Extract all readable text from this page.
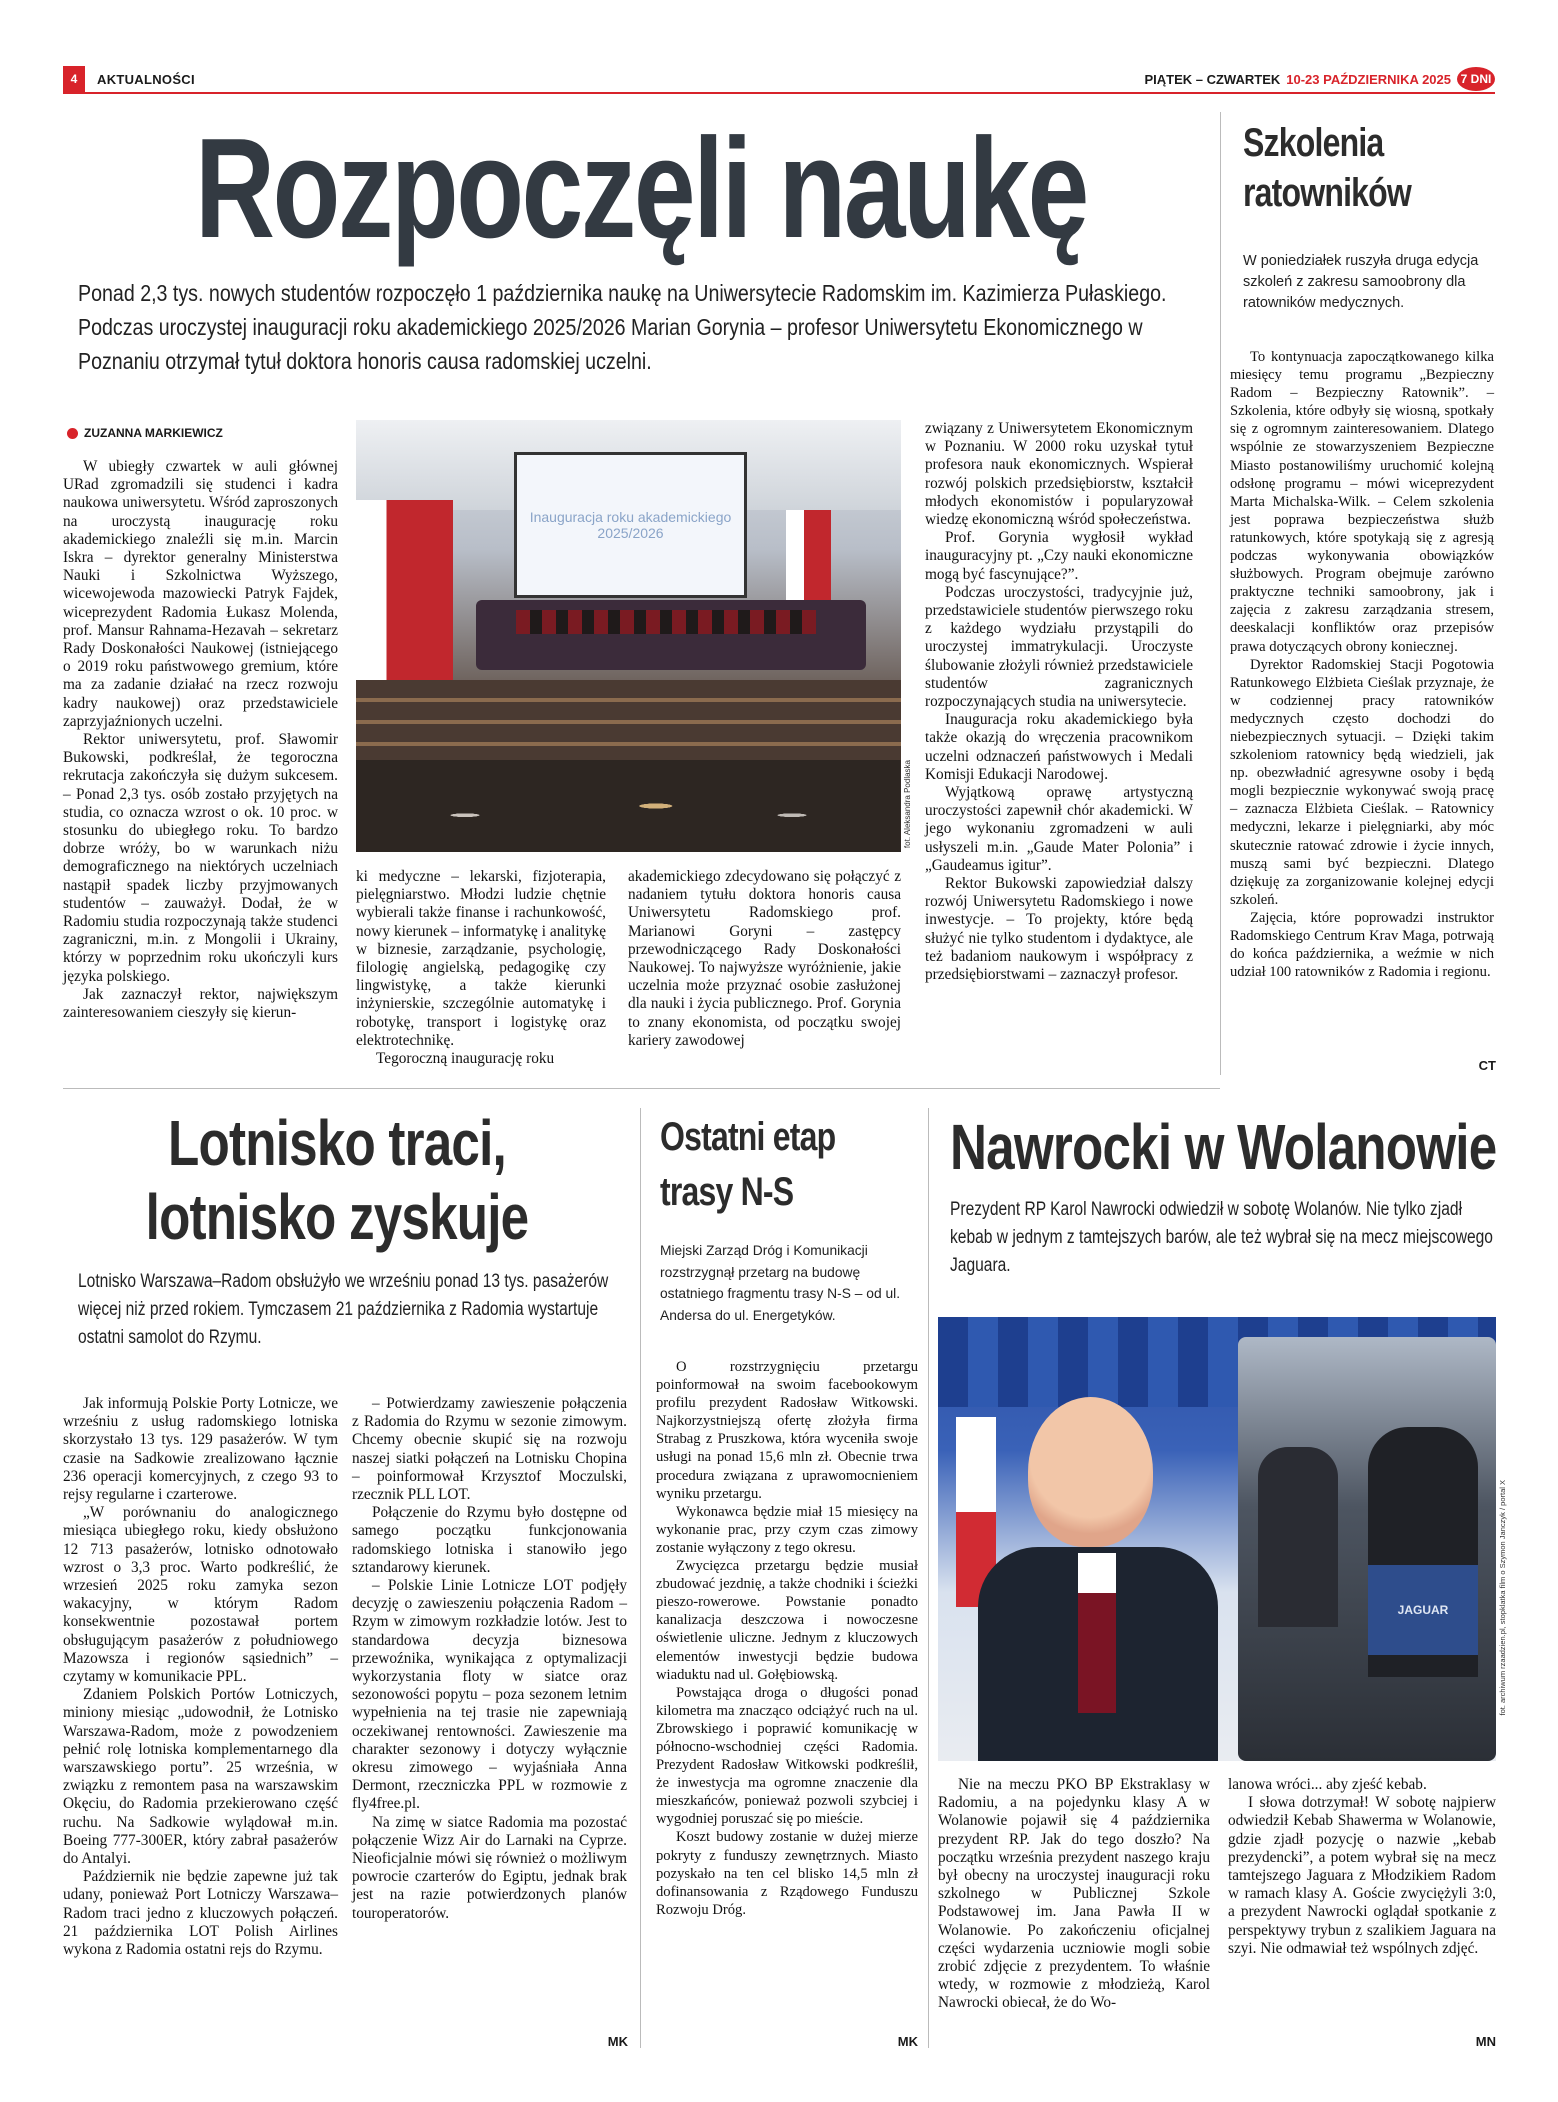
4	AKTUALNOŚCI	PIĄTEK – CZWARTEK 10-23 PAŹDZIERNIKA 2025 7 DNI
Rozpoczęli naukę
Ponad 2,3 tys. nowych studentów rozpoczęło 1 października naukę na Uniwersytecie Radomskim im. Kazimierza Pułaskiego. Podczas uroczystej inauguracji roku akademickiego 2025/2026 Marian Gorynia – profesor Uniwersytetu Ekonomicznego w Poznaniu otrzymał tytuł doktora honoris causa radomskiej uczelni.
ZUZANNA MARKIEWICZ

W ubiegły czwartek w auli głównej URad zgromadzili się studenci i kadra naukowa uniwersytetu. Wśród zaproszonych na uroczystą inaugurację roku akademickiego znaleźli się m.in. Marcin Iskra – dyrektor generalny Ministerstwa Nauki i Szkolnictwa Wyższego, wicewojewoda mazowiecki Patryk Fajdek, wiceprezydent Radomia Łukasz Molenda, prof. Mansur Rahnama-Hezavah – sekretarz Rady Doskonałości Naukowej (istniejącego o 2019 roku państwowego gremium, które ma za zadanie działać na rzecz rozwoju kadry naukowej) oraz przedstawiciele zaprzyjaźnionych uczelni.

Rektor uniwersytetu, prof. Sławomir Bukowski, podkreślał, że tegoroczna rekrutacja zakończyła się dużym sukcesem. – Ponad 2,3 tys. osób zostało przyjętych na studia, co oznacza wzrost o ok. 10 proc. w stosunku do ubiegłego roku. To bardzo dobrze wróży, bo w warunkach niżu demograficznego na niektórych uczelniach nastąpił spadek liczby przyjmowanych studentów – zauważył. Dodał, że w Radomiu studia rozpoczynają także studenci zagraniczni, m.in. z Mongolii i Ukrainy, którzy w poprzednim roku ukończyli kurs języka polskiego.

Jak zaznaczył rektor, największym zainteresowaniem cieszyły się kierun-

Inauguracja roku akademickiego 2025/2026
fot. Aleksandra Podlaska

ki medyczne – lekarski, fizjoterapia, pielęgniarstwo. Młodzi ludzie chętnie wybierali także finanse i rachunkowość, nowy kierunek – informatykę i analitykę w biznesie, zarządzanie, psychologię, filologię angielską, pedagogikę czy lingwistykę, a także kierunki inżynierskie, szczególnie automatykę i robotykę, transport i logistykę oraz elektrotechnikę.

Tegoroczną inaugurację roku

akademickiego zdecydowano się połączyć z nadaniem tytułu doktora honoris causa Uniwersytetu Radomskiego prof. Marianowi Goryni – zastępcy przewodniczącego Rady Doskonałości Naukowej. To najwyższe wyróżnienie, jakie uczelnia może przyznać osobie zasłużonej dla nauki i życia publicznego. Prof. Gorynia to znany ekonomista, od początku swojej kariery zawodowej

związany z Uniwersytetem Ekonomicznym w Poznaniu. W 2000 roku uzyskał tytuł profesora nauk ekonomicznych. Wspierał rozwój polskich przedsiębiorstw, kształcił młodych ekonomistów i popularyzował wiedzę ekonomiczną wśród społeczeństwa.

Prof. Gorynia wygłosił wykład inauguracyjny pt. „Czy nauki ekonomiczne mogą być fascynujące?”.

Podczas uroczystości, tradycyjnie już, przedstawiciele studentów pierwszego roku z każdego wydziału przystąpili do uroczystej immatrykulacji. Uroczyste ślubowanie złożyli również przedstawiciele studentów zagranicznych rozpoczynających studia na uniwersytecie.

Inauguracja roku akademickiego była także okazją do wręczenia pracownikom uczelni odznaczeń państwowych i Medali Komisji Edukacji Narodowej.

Wyjątkową oprawę artystyczną uroczystości zapewnił chór akademicki. W jego wykonaniu zgromadzeni w auli usłyszeli m.in. „Gaude Mater Polonia” i „Gaudeamus igitur”.

Rektor Bukowski zapowiedział dalszy rozwój Uniwersytetu Radomskiego i nowe inwestycje. – To projekty, które będą służyć nie tylko studentom i dydaktyce, ale też badaniom naukowym i współpracy z przedsiębiorstwami – zaznaczył profesor.

Szkolenia
ratowników
W poniedziałek ruszyła druga edycja szkoleń z zakresu samoobrony dla ratowników medycznych.

To kontynuacja zapoczątkowanego kilka miesięcy temu programu „Bezpieczny Radom – Bezpieczny Ratownik”. – Szkolenia, które odbyły się wiosną, spotkały się z ogromnym zainteresowaniem. Dlatego wspólnie ze stowarzyszeniem Bezpieczne Miasto postanowiliśmy uruchomić kolejną odsłonę programu – mówi wiceprezydent Marta Michalska-Wilk. – Celem szkolenia jest poprawa bezpieczeństwa służb ratunkowych, które spotykają się z agresją podczas wykonywania obowiązków służbowych. Program obejmuje zarówno praktyczne techniki samoobrony, jak i zajęcia z zakresu zarządzania stresem, deeskalacji konfliktów oraz przepisów prawa dotyczących obrony koniecznej.

Dyrektor Radomskiej Stacji Pogotowia Ratunkowego Elżbieta Cieślak przyznaje, że w codziennej pracy ratowników medycznych często dochodzi do niebezpiecznych sytuacji. – Dzięki takim szkoleniom ratownicy będą wiedzieli, jak np. obezwładnić agresywne osoby i będą mogli bezpiecznie wykonywać swoją pracę – zaznacza Elżbieta Cieślak. – Ratownicy medyczni, lekarze i pielęgniarki, aby móc skutecznie ratować zdrowie i życie innych, muszą sami być bezpieczni. Dlatego dziękuję za zorganizowanie kolejnej edycji szkoleń.

Zajęcia, które poprowadzi instruktor Radomskiego Centrum Krav Maga, potrwają do końca października, a weźmie w nich udział 100 ratowników z Radomia i regionu.

CT
Lotnisko traci,
lotnisko zyskuje
Lotnisko Warszawa–Radom obsłużyło we wrześniu ponad 13 tys. pasażerów więcej niż przed rokiem. Tymczasem 21 października z Radomia wystartuje ostatni samolot do Rzymu.

Jak informują Polskie Porty Lotnicze, we wrześniu z usług radomskiego lotniska skorzystało 13 tys. 129 pasażerów. W tym czasie na Sadkowie zrealizowano łącznie 236 operacji komercyjnych, z czego 93 to rejsy regularne i czarterowe.

„W porównaniu do analogicznego miesiąca ubiegłego roku, kiedy obsłużono 12 713 pasażerów, lotnisko odnotowało wzrost o 3,3 proc. Warto podkreślić, że wrzesień 2025 roku zamyka sezon wakacyjny, w którym Radom konsekwentnie pozostawał portem obsługującym pasażerów z południowego Mazowsza i regionów sąsiednich” – czytamy w komunikacie PPL.

Zdaniem Polskich Portów Lotniczych, miniony miesiąc „udowodnił, że Lotnisko Warszawa-Radom, może z powodzeniem pełnić rolę lotniska komplementarnego dla warszawskiego portu”. 25 września, w związku z remontem pasa na warszawskim Okęciu, do Radomia przekierowano część ruchu. Na Sadkowie wylądował m.in. Boeing 777-300ER, który zabrał pasażerów do Antalyi.

Październik nie będzie zapewne już tak udany, ponieważ Port Lotniczy Warszawa–Radom traci jedno z kluczowych połączeń. 21 października LOT Polish Airlines wykona z Radomia ostatni rejs do Rzymu.

– Potwierdzamy zawieszenie połączenia z Radomia do Rzymu w sezonie zimowym. Chcemy obecnie skupić się na rozwoju naszej siatki połączeń na Lotnisku Chopina – poinformował Krzysztof Moczulski, rzecznik PLL LOT.

Połączenie do Rzymu było dostępne od samego początku funkcjonowania radomskiego lotniska i stanowiło jego sztandarowy kierunek.

– Polskie Linie Lotnicze LOT podjęły decyzję o zawieszeniu połączenia Radom – Rzym w zimowym rozkładzie lotów. Jest to standardowa decyzja biznesowa przewoźnika, wynikająca z optymalizacji wykorzystania floty w siatce oraz sezonowości popytu – poza sezonem letnim wypełnienia na tej trasie nie zapewniają oczekiwanej rentowności. Zawieszenie ma charakter sezonowy i dotyczy wyłącznie okresu zimowego – wyjaśniała Anna Dermont, rzeczniczka PPL w rozmowie z fly4free.pl.

Na zimę w siatce Radomia ma pozostać połączenie Wizz Air do Larnaki na Cyprze. Nieoficjalnie mówi się również o możliwym powrocie czarterów do Egiptu, jednak brak jest na razie potwierdzonych planów touroperatorów.

MK
Ostatni etap
trasy N-S
Miejski Zarząd Dróg i Komunikacji rozstrzygnął przetarg na budowę ostatniego fragmentu trasy N-S – od ul. Andersa do ul. Energetyków.

O rozstrzygnięciu przetargu poinformował na swoim facebookowym profilu prezydent Radosław Witkowski. Najkorzystniejszą ofertę złożyła firma Strabag z Pruszkowa, która wyceniła swoje usługi na ponad 15,6 mln zł. Obecnie trwa procedura związana z uprawomocnieniem wyniku przetargu.

Wykonawca będzie miał 15 miesięcy na wykonanie prac, przy czym czas zimowy zostanie wyłączony z tego okresu.

Zwycięzca przetargu będzie musiał zbudować jezdnię, a także chodniki i ścieżki pieszo-rowerowe. Powstanie ponadto kanalizacja deszczowa i nowoczesne oświetlenie uliczne. Jednym z kluczowych elementów inwestycji będzie budowa wiaduktu nad ul. Gołębiowską.

Powstająca droga o długości ponad kilometra ma znacząco odciążyć ruch na ul. Zbrowskiego i poprawić komunikację w północno-wschodniej części Radomia. Prezydent Radosław Witkowski podkreślił, że inwestycja ma ogromne znaczenie dla mieszkańców, ponieważ pozwoli szybciej i wygodniej poruszać się po mieście.

Koszt budowy zostanie w dużej mierze pokryty z funduszy zewnętrznych. Miasto pozyskało na ten cel blisko 14,5 mln zł dofinansowania z Rządowego Funduszu Rozwoju Dróg.

MK
Nawrocki w Wolanowie
Prezydent RP Karol Nawrocki odwiedził w sobotę Wolanów. Nie tylko zjadł kebab w jednym z tamtejszych barów, ale też wybrał się na mecz miejscowego Jaguara.
JAGUAR	fot. archiwum rzaadzien.pl, stopklatka film o Szymon Janczyk / portal X

Nie na meczu PKO BP Ekstraklasy w Radomiu, a na pojedynku klasy A w Wolanowie pojawił się 4 października prezydent RP. Jak do tego doszło? Na początku września prezydent naszego kraju był obecny na uroczystej inauguracji roku szkolnego w Publicznej Szkole Podstawowej im. Jana Pawła II w Wolanowie. Po zakończeniu oficjalnej części wydarzenia uczniowie mogli sobie zrobić zdjęcie z prezydentem. To właśnie wtedy, w rozmowie z młodzieżą, Karol Nawrocki obiecał, że do Wo-

lanowa wróci... aby zjeść kebab.

I słowa dotrzymał! W sobotę najpierw odwiedził Kebab Shawerma w Wolanowie, gdzie zjadł pozycję o nazwie „kebab prezydencki”, a potem wybrał się na mecz tamtejszego Jaguara z Młodzikiem Radom w ramach klasy A. Goście zwyciężyli 3:0, a prezydent Nawrocki oglądał spotkanie z perspektywy trybun z szalikiem Jaguara na szyi. Nie odmawiał też wspólnych zdjęć.

MN
